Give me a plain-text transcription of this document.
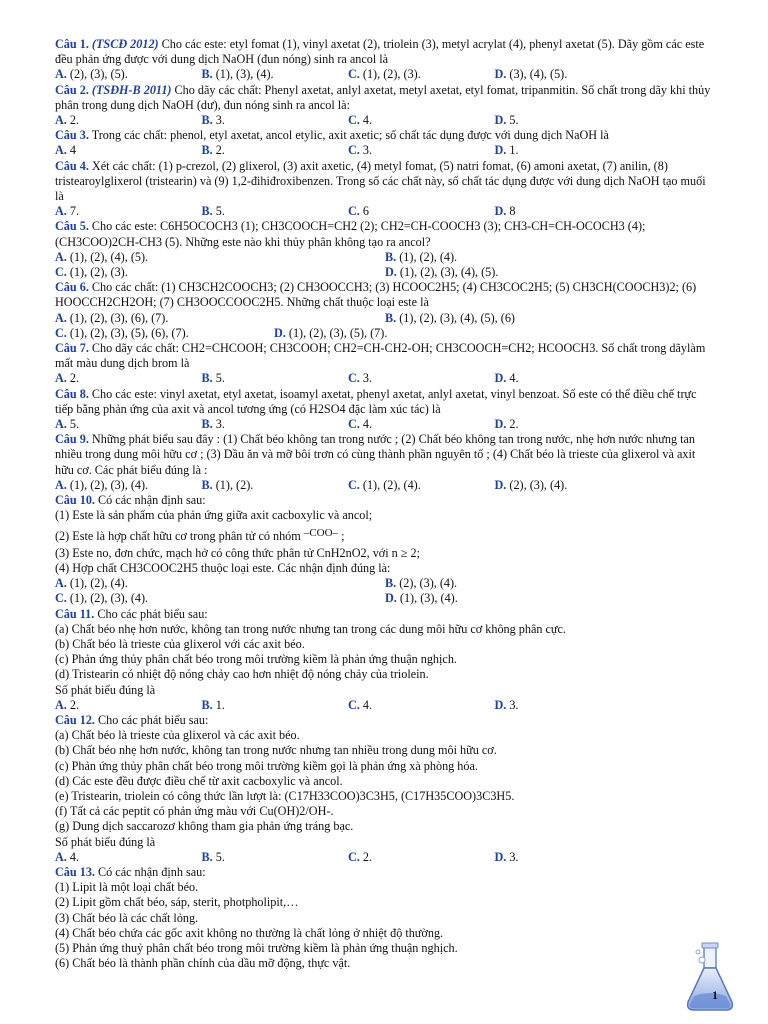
Câu 1. (TSCĐ 2012) Cho các este: etyl fomat (1), vinyl axetat (2), triolein (3), metyl acrylat (4), phenyl axetat (5). Dãy gồm các este đều phản ứng được với dung dịch NaOH (đun nóng) sinh ra ancol là

A. (2), (3), (5).	B. (1), (3), (4).	C. (1), (2), (3).	D. (3), (4), (5).

Câu 2. (TSĐH-B 2011) Cho dãy các chất: Phenyl axetat, anlyl axetat, metyl axetat, etyl fomat, tripanmitin. Số chất trong dãy khi thủy phân trong dung dịch NaOH (dư), đun nóng sinh ra ancol là:

A. 2.	B. 3.	C. 4.	D. 5.

Câu 3. Trong các chất: phenol, etyl axetat, ancol etylic, axit axetic; số chất tác dụng được với dung dịch NaOH là

A. 4	B. 2.	C. 3.	D. 1.

Câu 4. Xét các chất: (1) p-crezol, (2) glixerol, (3) axit axetic, (4) metyl fomat, (5) natri fomat, (6) amoni axetat, (7) anilin, (8) tristearoylglixerol (tristearin) và (9) 1,2-đihiđroxibenzen. Trong số các chất này, số chất tác dụng được với dung dịch NaOH tạo muối là

A. 7.	B. 5.	C. 6	D. 8

Câu 5. Cho các este: C6H5OCOCH3 (1); CH3COOCH=CH2 (2); CH2=CH-COOCH3 (3); CH3-CH=CH-OCOCH3 (4); (CH3COO)2CH-CH3 (5). Những este nào khi thủy phân không tạo ra ancol?

A. (1), (2), (4), (5).	B. (1), (2), (4).
C. (1), (2), (3).	D. (1), (2), (3), (4), (5).

Câu 6. Cho các chất: (1) CH3CH2COOCH3; (2) CH3OOCCH3; (3) HCOOC2H5; (4) CH3COC2H5; (5) CH3CH(COOCH3)2; (6) HOOCCH2CH2OH; (7) CH3OOCCOOC2H5. Những chất thuộc loại este là

A. (1), (2), (3), (6), (7).	B. (1), (2), (3), (4), (5), (6)
C. (1), (2), (3), (5), (6), (7).	D. (1), (2), (3), (5), (7).

Câu 7. Cho dãy các chất: CH2=CHCOOH; CH3COOH; CH2=CH-CH2-OH; CH3COOCH=CH2; HCOOCH3. Số chất trong dãylàm mất màu dung dịch brom là

A. 2.	B. 5.	C. 3.	D. 4.

Câu 8. Cho các este: vinyl axetat, etyl axetat, isoamyl axetat, phenyl axetat, anlyl axetat, vinyl benzoat. Số este có thể điều chế trực tiếp bằng phản ứng của axit và ancol tương ứng (có H2SO4 đặc làm xúc tác) là

A. 5.	B. 3.	C. 4.	D. 2.

Câu 9. Những phát biểu sau đây : (1) Chất béo không tan trong nước ; (2) Chất béo không tan trong nước, nhẹ hơn nước nhưng tan nhiều trong dung môi hữu cơ ; (3) Dầu ăn và mỡ bôi trơn có cùng thành phần nguyên tố ; (4) Chất béo là trieste của glixerol và axit hữu cơ. Các phát biểu đúng là :

A. (1), (2), (3), (4).	B. (1), (2).	C. (1), (2), (4).	D. (2), (3), (4).

Câu 10. Có các nhận định sau:

(1) Este là sản phẩm của phản ứng giữa axit cacboxylic và ancol;

(2) Este là hợp chất hữu cơ trong phân tử có nhóm –COO– ;

(3) Este no, đơn chức, mạch hở có công thức phân tử CnH2nO2, với n ≥ 2;

(4) Hợp chất CH3COOC2H5 thuộc loại este. Các nhận định đúng là:

A. (1), (2), (4).	B. (2), (3), (4).
C. (1), (2), (3), (4).	D. (1), (3), (4).

Câu 11. Cho các phát biểu sau:

(a) Chất béo nhẹ hơn nước, không tan trong nước nhưng tan trong các dung môi hữu cơ không phân cực.

(b) Chất béo là trieste của glixerol với các axit béo.

(c) Phản ứng thủy phân chất béo trong môi trường kiềm là phản ứng thuận nghịch.

(d) Tristearin có nhiệt độ nóng chảy cao hơn nhiệt độ nóng chảy của triolein.

Số phát biểu đúng là

A. 2.	B. 1.	C. 4.	D. 3.

Câu 12. Cho các phát biểu sau:

(a) Chất béo là trieste của glixerol và các axit béo.

(b) Chất béo nhẹ hơn nước, không tan trong nước nhưng tan nhiều trong dung môi hữu cơ.

(c) Phản ứng thủy phân chất béo trong môi trường kiềm gọi là phản ứng xà phòng hóa.

(d) Các este đều được điều chế từ axit cacboxylic và ancol.

(e) Tristearin, triolein có công thức lần lượt là: (C17H33COO)3C3H5, (C17H35COO)3C3H5.

(f) Tất cả các peptit có phản ứng màu với Cu(OH)2/OH-.

(g) Dung dịch saccarozơ không tham gia phản ứng tráng bạc.

Số phát biểu đúng là

A. 4.	B. 5.	C. 2.	D. 3.

Câu 13. Có các nhận định sau:

(1) Lipit là một loại chất béo.

(2) Lipit gồm chất béo, sáp, sterit, photpholipit,…

(3) Chất béo là các chất lỏng.

(4) Chất béo chứa các gốc axit không no thường là chất lỏng ở nhiệt độ thường.

(5) Phản ứng thuỷ phân chất béo trong môi trường kiềm là phản ứng thuận nghịch.

(6) Chất béo là thành phần chính của dầu mỡ động, thực vật.

1
